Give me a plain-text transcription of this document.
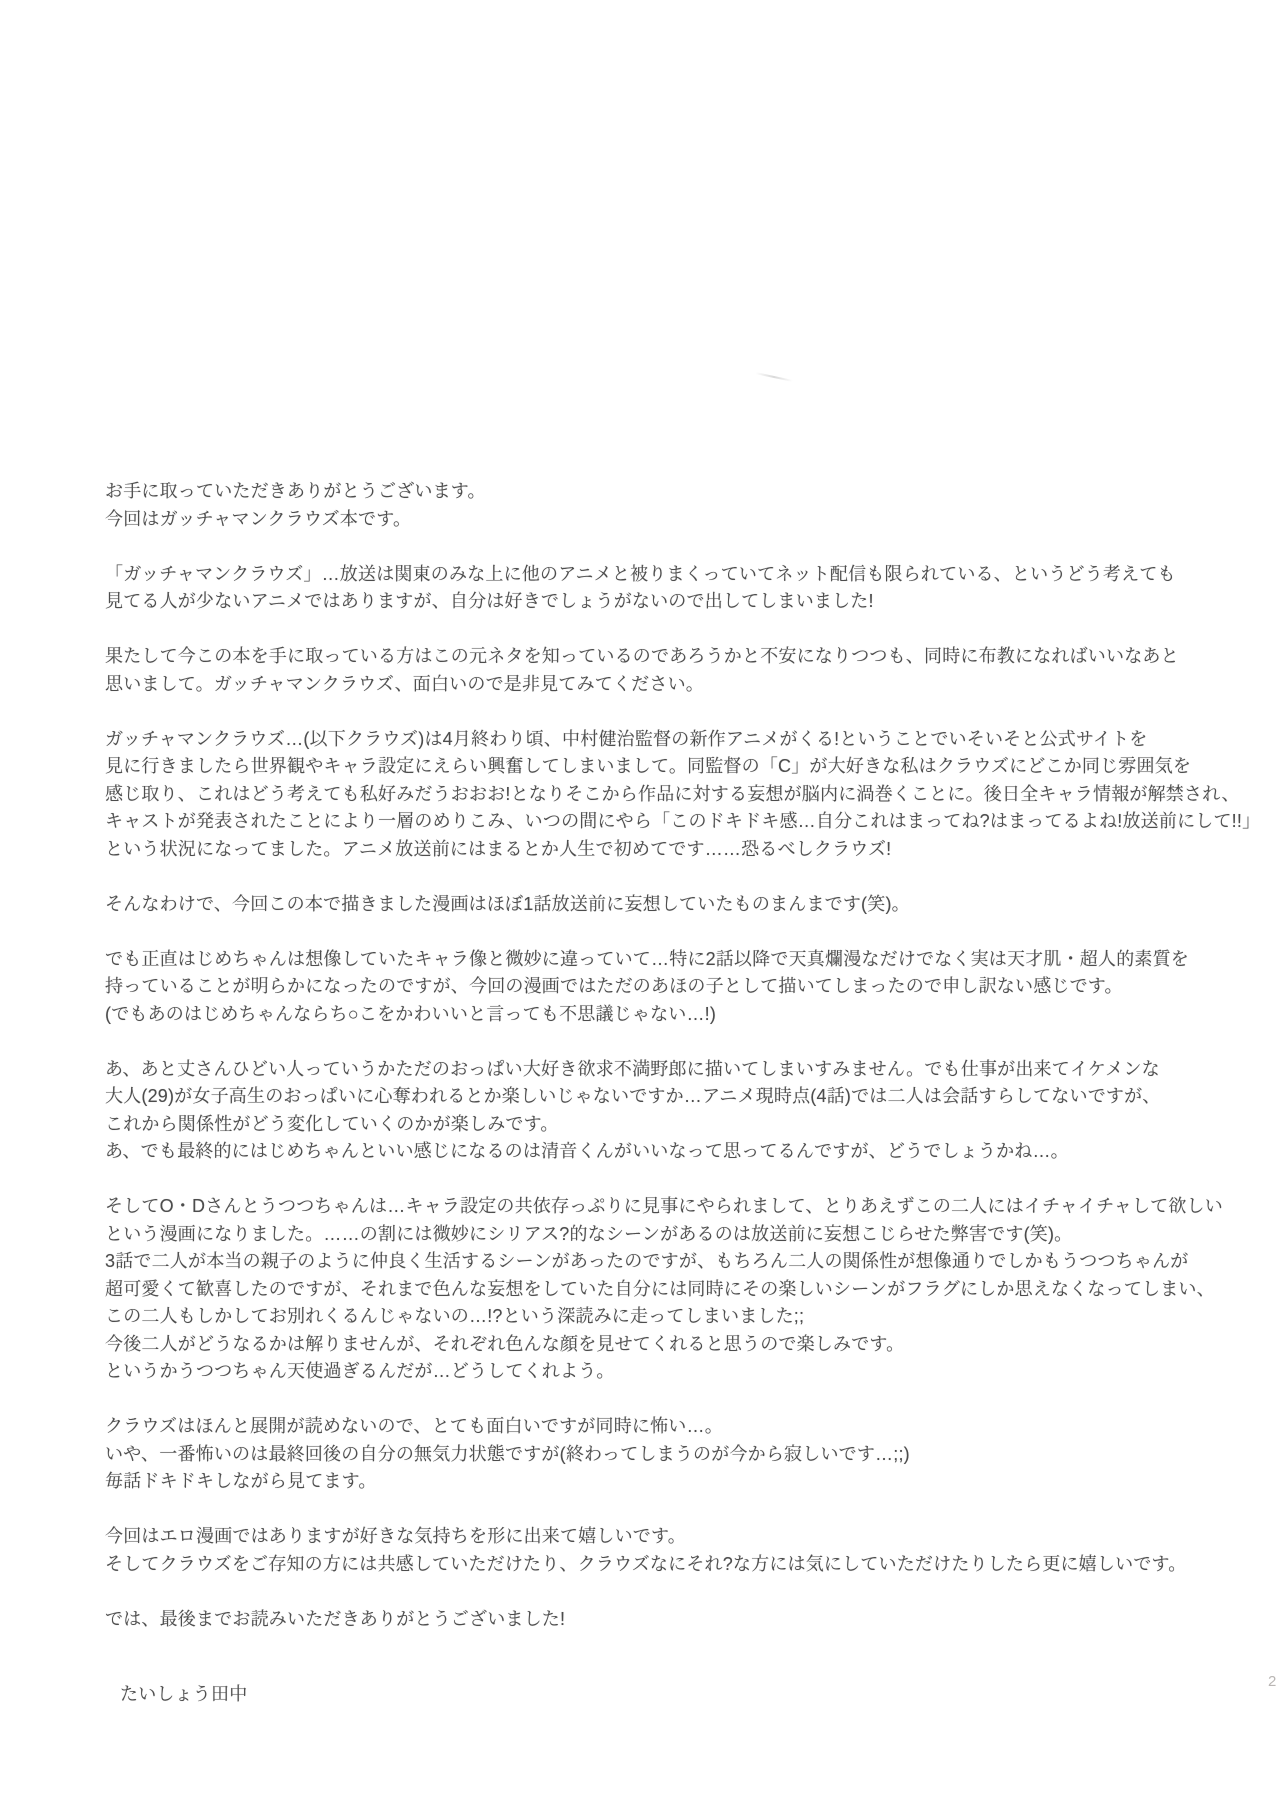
お手に取っていただきありがとうございます。
今回はガッチャマンクラウズ本です。
「ガッチャマンクラウズ」…放送は関東のみな上に他のアニメと被りまくっていてネット配信も限られている、というどう考えても
見てる人が少ないアニメではありますが、自分は好きでしょうがないので出してしまいました!
果たして今この本を手に取っている方はこの元ネタを知っているのであろうかと不安になりつつも、同時に布教になればいいなあと
思いまして。ガッチャマンクラウズ、面白いので是非見てみてください。
ガッチャマンクラウズ…(以下クラウズ)は4月終わり頃、中村健治監督の新作アニメがくる!ということでいそいそと公式サイトを
見に行きましたら世界観やキャラ設定にえらい興奮してしまいまして。同監督の「C」が大好きな私はクラウズにどこか同じ雰囲気を
感じ取り、これはどう考えても私好みだうおおお!となりそこから作品に対する妄想が脳内に渦巻くことに。後日全キャラ情報が解禁され、
キャストが発表されたことにより一層のめりこみ、いつの間にやら「このドキドキ感…自分これはまってね?はまってるよね!放送前にして!!」
という状況になってました。アニメ放送前にはまるとか人生で初めてです……恐るべしクラウズ!
そんなわけで、今回この本で描きました漫画はほぼ1話放送前に妄想していたものまんまです(笑)。
でも正直はじめちゃんは想像していたキャラ像と微妙に違っていて…特に2話以降で天真爛漫なだけでなく実は天才肌・超人的素質を
持っていることが明らかになったのですが、今回の漫画ではただのあほの子として描いてしまったので申し訳ない感じです。
(でもあのはじめちゃんならち○こをかわいいと言っても不思議じゃない…!)
あ、あと丈さんひどい人っていうかただのおっぱい大好き欲求不満野郎に描いてしまいすみません。でも仕事が出来てイケメンな
大人(29)が女子高生のおっぱいに心奪われるとか楽しいじゃないですか…アニメ現時点(4話)では二人は会話すらしてないですが、
これから関係性がどう変化していくのかが楽しみです。
あ、でも最終的にはじめちゃんといい感じになるのは清音くんがいいなって思ってるんですが、どうでしょうかね…。
そしてO・Dさんとうつつちゃんは…キャラ設定の共依存っぷりに見事にやられまして、とりあえずこの二人にはイチャイチャして欲しい
という漫画になりました。……の割には微妙にシリアス?的なシーンがあるのは放送前に妄想こじらせた弊害です(笑)。
3話で二人が本当の親子のように仲良く生活するシーンがあったのですが、もちろん二人の関係性が想像通りでしかもうつつちゃんが
超可愛くて歓喜したのですが、それまで色んな妄想をしていた自分には同時にその楽しいシーンがフラグにしか思えなくなってしまい、
この二人もしかしてお別れくるんじゃないの…!?という深読みに走ってしまいました;;
今後二人がどうなるかは解りませんが、それぞれ色んな顔を見せてくれると思うので楽しみです。
というかうつつちゃん天使過ぎるんだが…どうしてくれよう。
クラウズはほんと展開が読めないので、とても面白いですが同時に怖い…。
いや、一番怖いのは最終回後の自分の無気力状態ですが(終わってしまうのが今から寂しいです…;;)
毎話ドキドキしながら見てます。
今回はエロ漫画ではありますが好きな気持ちを形に出来て嬉しいです。
そしてクラウズをご存知の方には共感していただけたり、クラウズなにそれ?な方には気にしていただけたりしたら更に嬉しいです。
では、最後までお読みいただきありがとうございました!
たいしょう田中
2
